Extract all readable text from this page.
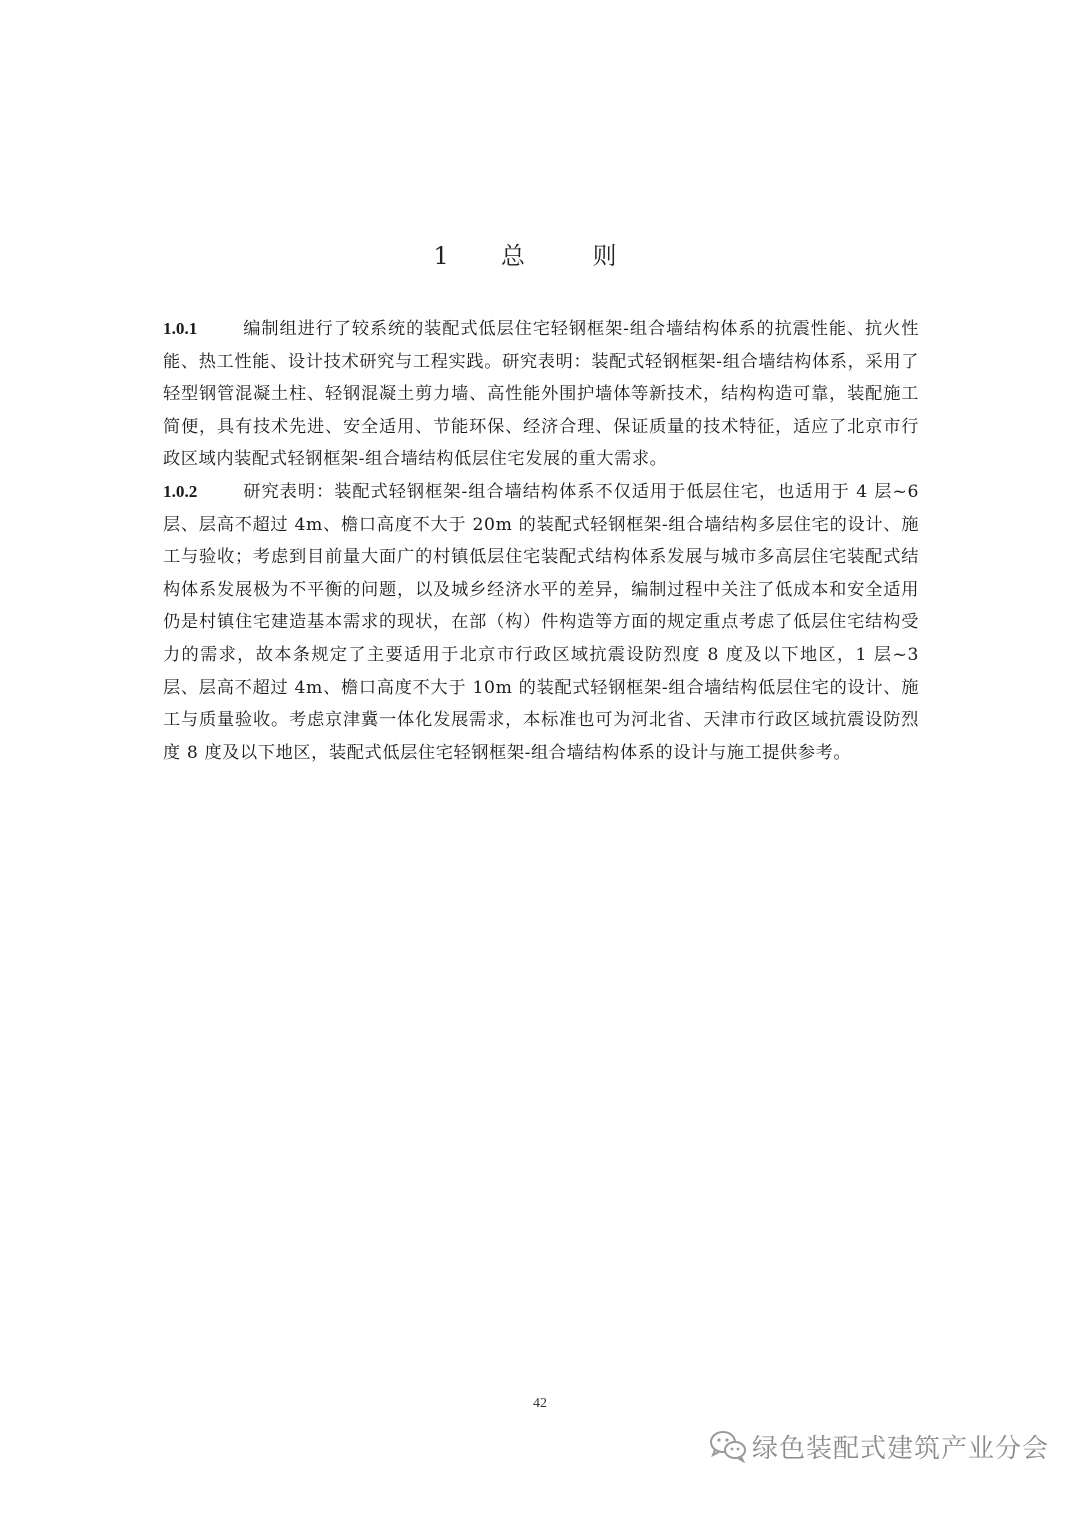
1 总 则

1.0.1	编制组进行了较系统的装配式低层住宅轻钢框架-组合墙结构体系的抗震性能、抗火性能、热工性能、设计技术研究与工程实践。研究表明：装配式轻钢框架-组合墙结构体系，采用了轻型钢管混凝土柱、轻钢混凝土剪力墙、高性能外围护墙体等新技术，结构构造可靠，装配施工简便，具有技术先进、安全适用、节能环保、经济合理、保证质量的技术特征，适应了北京市行政区域内装配式轻钢框架-组合墙结构低层住宅发展的重大需求。

1.0.2	研究表明：装配式轻钢框架-组合墙结构体系不仅适用于低层住宅，也适用于 4 层~6 层、层高不超过 4m、檐口高度不大于 20m 的装配式轻钢框架-组合墙结构多层住宅的设计、施工与验收；考虑到目前量大面广的村镇低层住宅装配式结构体系发展与城市多高层住宅装配式结构体系发展极为不平衡的问题，以及城乡经济水平的差异，编制过程中关注了低成本和安全适用仍是村镇住宅建造基本需求的现状，在部（构）件构造等方面的规定重点考虑了低层住宅结构受力的需求，故本条规定了主要适用于北京市行政区域抗震设防烈度 8 度及以下地区，1 层~3 层、层高不超过 4m、檐口高度不大于 10m 的装配式轻钢框架-组合墙结构低层住宅的设计、施工与质量验收。考虑京津冀一体化发展需求，本标准也可为河北省、天津市行政区域抗震设防烈度 8 度及以下地区，装配式低层住宅轻钢框架-组合墙结构体系的设计与施工提供参考。

42
绿色装配式建筑产业分会
